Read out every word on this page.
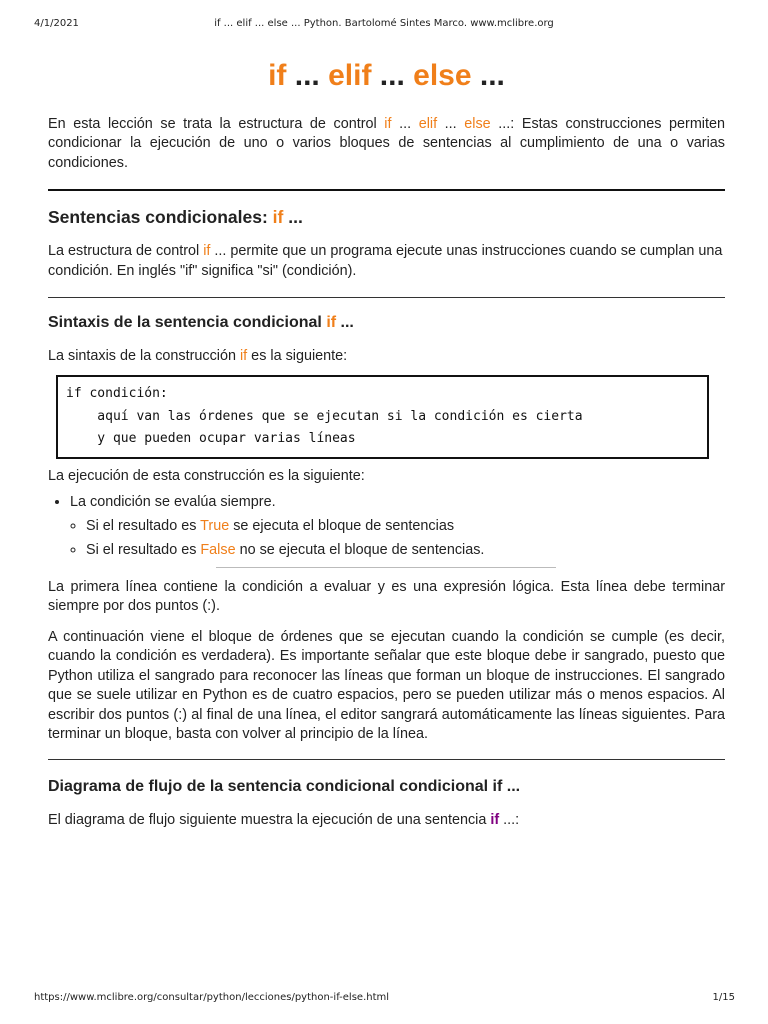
4/1/2021	if ... elif ... else ... Python. Bartolomé Sintes Marco. www.mclibre.org
if ... elif ... else ...

En esta lección se trata la estructura de control if ... elif ... else ...: Estas construcciones permiten condicionar la ejecución de uno o varios bloques de sentencias al cumplimiento de una o varias condiciones.

Sentencias condicionales: if ...

La estructura de control if ... permite que un programa ejecute unas instrucciones cuando se cumplan una condición. En inglés "if" significa "si" (condición).

Sintaxis de la sentencia condicional if ...

La sintaxis de la construcción if es la siguiente:

if condición:
aquí van las órdenes que se ejecutan si la condición es cierta
y que pueden ocupar varias líneas

La ejecución de esta construcción es la siguiente:

• La condición se evalúa siempre.
◦ Si el resultado es True se ejecuta el bloque de sentencias
◦ Si el resultado es False no se ejecuta el bloque de sentencias.

La primera línea contiene la condición a evaluar y es una expresión lógica. Esta línea debe terminar siempre por dos puntos (:).

A continuación viene el bloque de órdenes que se ejecutan cuando la condición se cumple (es decir, cuando la condición es verdadera). Es importante señalar que este bloque debe ir sangrado, puesto que Python utiliza el sangrado para reconocer las líneas que forman un bloque de instrucciones. El sangrado que se suele utilizar en Python es de cuatro espacios, pero se pueden utilizar más o menos espacios. Al escribir dos puntos (:) al final de una línea, el editor sangrará automáticamente las líneas siguientes. Para terminar un bloque, basta con volver al principio de la línea.

Diagrama de flujo de la sentencia condicional condicional if ...

El diagrama de flujo siguiente muestra la ejecución de una sentencia if ...:

https://www.mclibre.org/consultar/python/lecciones/python-if-else.html	1/15
